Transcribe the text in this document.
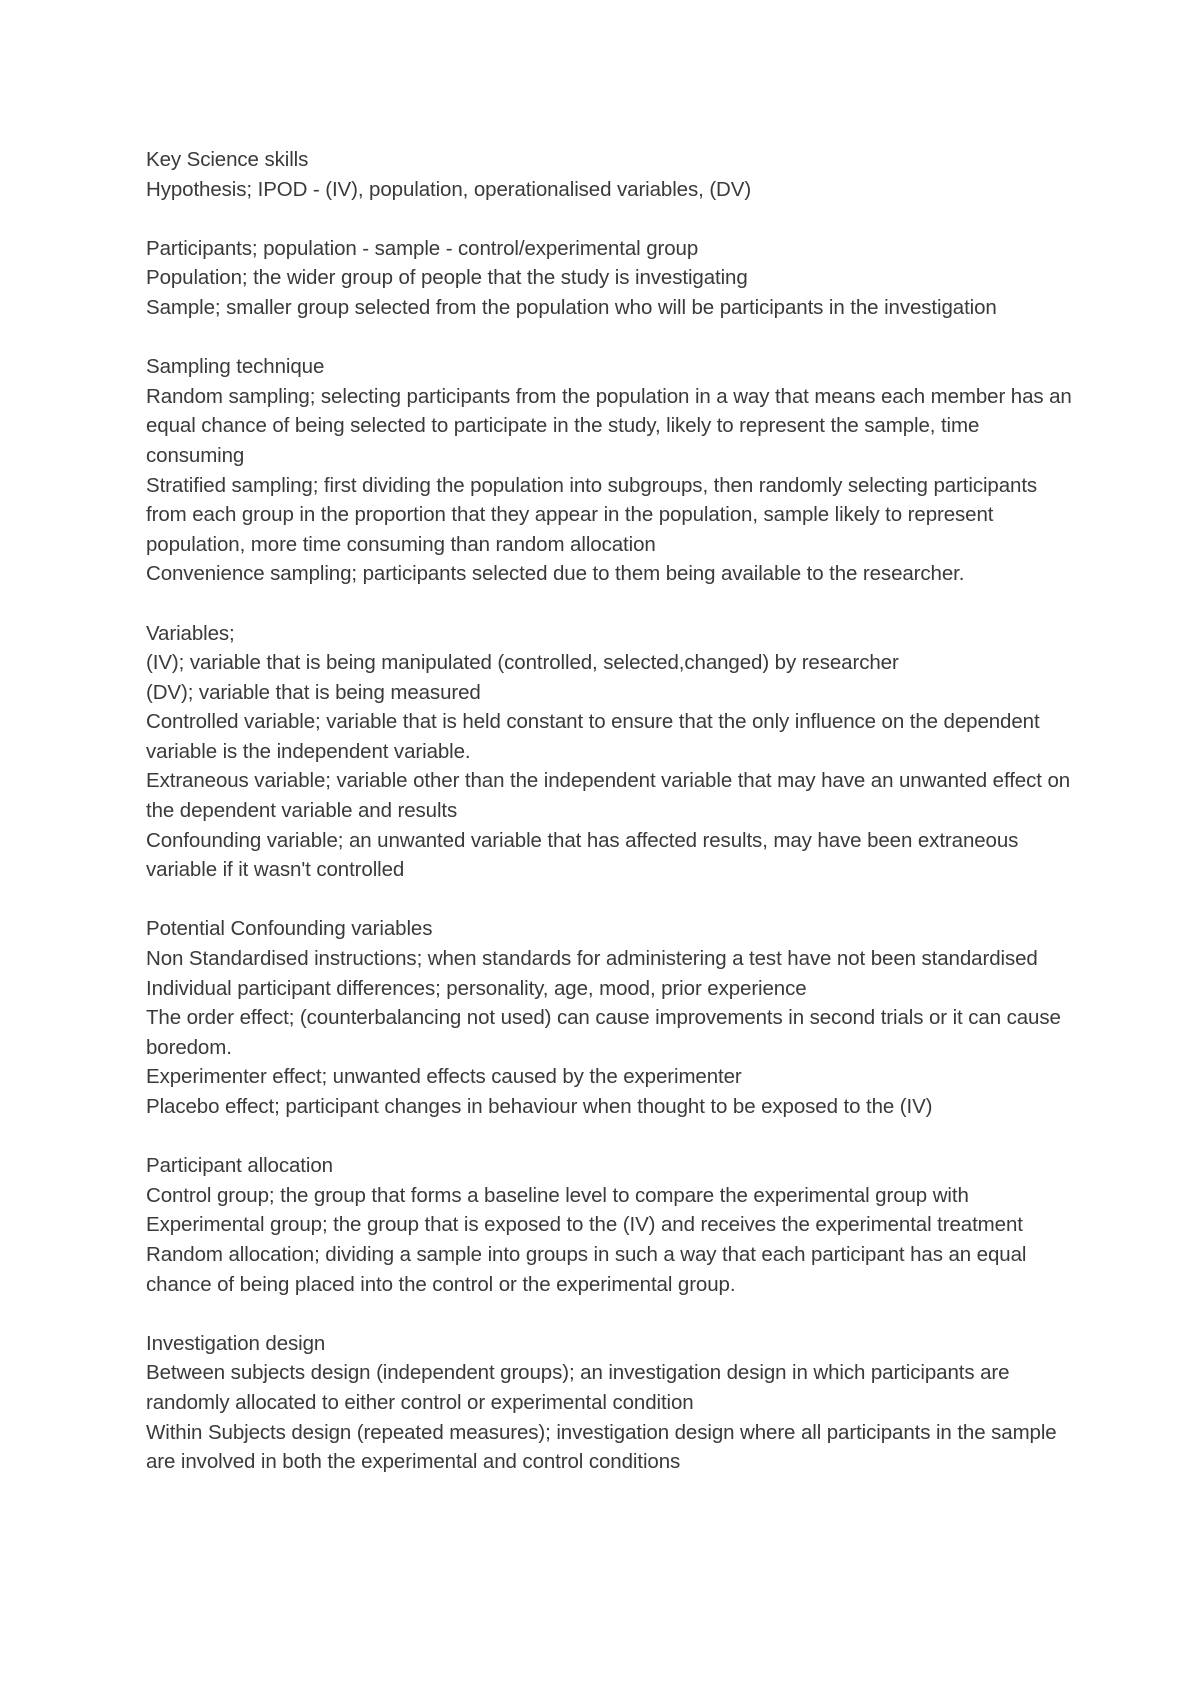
Key Science skills

Hypothesis; IPOD - (IV), population, operationalised variables, (DV)

Participants; population - sample - control/experimental group

Population; the wider group of people that the study is investigating

Sample; smaller group selected from the population who will be participants in the investigation

Sampling technique

Random sampling; selecting participants from the population in a way that means each member has an equal chance of being selected to participate in the study, likely to represent the sample, time consuming

Stratified sampling; first dividing the population into subgroups, then randomly selecting participants from each group in the proportion that they appear in the population, sample likely to represent population, more time consuming than random allocation

Convenience sampling; participants selected due to them being available to the researcher.

Variables;

(IV); variable that is being manipulated (controlled, selected,changed) by researcher

(DV); variable that is being measured

Controlled variable; variable that is held constant to ensure that the only influence on the dependent variable is the independent variable.

Extraneous variable; variable other than the independent variable that may have an unwanted effect on the dependent variable and results

Confounding variable; an unwanted variable that has affected results, may have been extraneous variable if it wasn't controlled

Potential Confounding variables

Non Standardised instructions; when standards for administering a test have not been standardised

Individual participant differences; personality, age, mood, prior experience

The order effect; (counterbalancing not used) can cause improvements in second trials or it can cause boredom.

Experimenter effect; unwanted effects caused by the experimenter

Placebo effect; participant changes in behaviour when thought to be exposed to the (IV)

Participant allocation

Control group; the group that forms a baseline level to compare the experimental group with

Experimental group; the group that is exposed to the (IV) and receives the experimental treatment

Random allocation; dividing a sample into groups in such a way that each participant has an equal chance of being placed into the control or the experimental group.

Investigation design

Between subjects design (independent groups); an investigation design in which participants are randomly allocated to either control or experimental condition

Within Subjects design (repeated measures); investigation design where all participants in the sample are involved in both the experimental and control conditions
